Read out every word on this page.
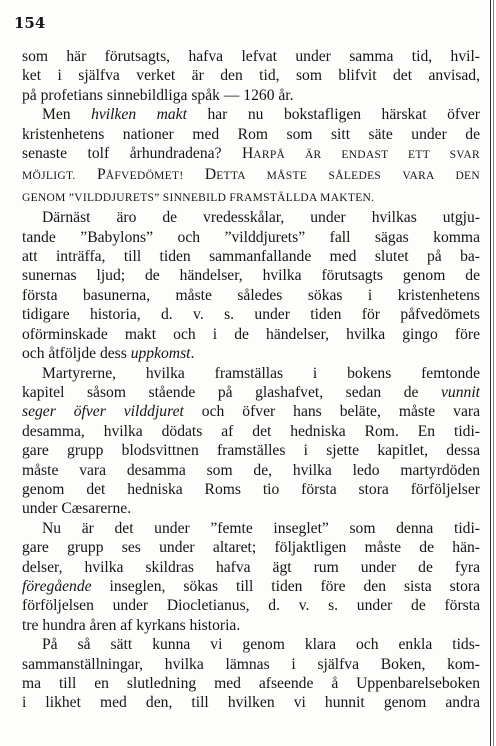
154
som här förutsagts, hafva lefvat under samma tid, hvil-
ket i själfva verket är den tid, som blifvit det anvisad,
på profetians sinnebildliga spåk — 1260 år.
Men hvilken makt har nu bokstafligen härskat öfver
kristenhetens nationer med Rom som sitt säte under de
senaste tolf århundradena? HARPÅ ÄR ENDAST ETT SVAR
MÖJLIGT. PÅFVEDÖMET! DETTA MÅSTE SÅLEDES VARA DEN
GENOM ”VILDDJURETS” SINNEBILD FRAMSTÄLLDA MAKTEN.
Därnäst äro de vredesskålar, under hvilkas utgju-
tande ”Babylons” och ”vilddjurets” fall sägas komma
att inträffa, till tiden sammanfallande med slutet på ba-
sunernas ljud; de händelser, hvilka förutsagts genom de
första basunerna, måste således sökas i kristenhetens
tidigare historia, d. v. s. under tiden för påfvedömets
oförminskade makt och i de händelser, hvilka gingo före
och åtföljde dess uppkomst.
Martyrerne, hvilka framställas i bokens femtonde
kapitel såsom stående på glashafvet, sedan de vunnit
seger öfver vilddjuret och öfver hans beläte, måste vara
desamma, hvilka dödats af det hedniska Rom. En tidi-
gare grupp blodsvittnen framställes i sjette kapitlet, dessa
måste vara desamma som de, hvilka ledo martyrdöden
genom det hedniska Roms tio första stora förföljelser
under Cæsarerne.
Nu är det under ”femte inseglet” som denna tidi-
gare grupp ses under altaret; följaktligen måste de hän-
delser, hvilka skildras hafva ägt rum under de fyra
föregående inseglen, sökas till tiden före den sista stora
förföljelsen under Diocletianus, d. v. s. under de första
tre hundra åren af kyrkans historia.
På så sätt kunna vi genom klara och enkla tids-
sammanställningar, hvilka lämnas i själfva Boken, kom-
ma till en slutledning med afseende å Uppenbarelseboken
i likhet med den, till hvilken vi hunnit genom andra
